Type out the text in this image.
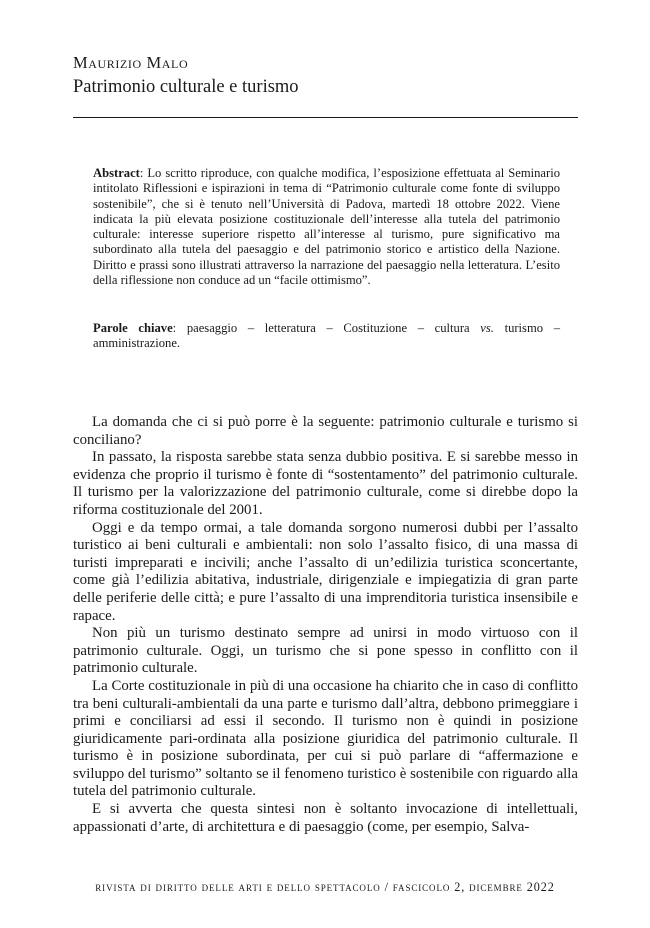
Maurizio Malo
Patrimonio culturale e turismo
Abstract: Lo scritto riproduce, con qualche modifica, l’esposizione effettuata al Seminario intitolato Riflessioni e ispirazioni in tema di “Patrimonio culturale come fonte di sviluppo sostenibile”, che si è tenuto nell’Università di Padova, martedì 18 ottobre 2022. Viene indicata la più elevata posizione costituzionale dell’interesse alla tutela del patrimonio culturale: interesse superiore rispetto all’interesse al turismo, pure significativo ma subordinato alla tutela del paesaggio e del patrimonio storico e artistico della Nazione. Diritto e prassi sono illustrati attraverso la narrazione del paesaggio nella letteratura. L’esito della riflessione non conduce ad un “facile ottimismo”.
Parole chiave: paesaggio – letteratura – Costituzione – cultura vs. turismo – amministrazione.

La domanda che ci si può porre è la seguente: patrimonio culturale e turismo si conciliano?

In passato, la risposta sarebbe stata senza dubbio positiva. E si sarebbe messo in evidenza che proprio il turismo è fonte di “sostentamento” del patrimonio culturale. Il turismo per la valorizzazione del patrimonio culturale, come si direbbe dopo la riforma costituzionale del 2001.

Oggi e da tempo ormai, a tale domanda sorgono numerosi dubbi per l’assalto turistico ai beni culturali e ambientali: non solo l’assalto fisico, di una massa di turisti impreparati e incivili; anche l’assalto di un’edilizia turistica sconcertante, come già l’edilizia abitativa, industriale, dirigenziale e impiegatizia di gran parte delle periferie delle città; e pure l’assalto di una imprenditoria turistica insensibile e rapace.

Non più un turismo destinato sempre ad unirsi in modo virtuoso con il patrimonio culturale. Oggi, un turismo che si pone spesso in conflitto con il patrimonio culturale.

La Corte costituzionale in più di una occasione ha chiarito che in caso di conflitto tra beni culturali-ambientali da una parte e turismo dall’altra, debbono primeggiare i primi e conciliarsi ad essi il secondo. Il turismo non è quindi in posizione giuridicamente pari-ordinata alla posizione giuridica del patrimonio culturale. Il turismo è in posizione subordinata, per cui si può parlare di “affermazione e sviluppo del turismo” soltanto se il fenomeno turistico è sostenibile con riguardo alla tutela del patrimonio culturale.

E si avverta che questa sintesi non è soltanto invocazione di intellettuali, appassionati d’arte, di architettura e di paesaggio (come, per esempio, Salva-

rivista di diritto delle arti e dello spettacolo / fascicolo 2, dicembre 2022
